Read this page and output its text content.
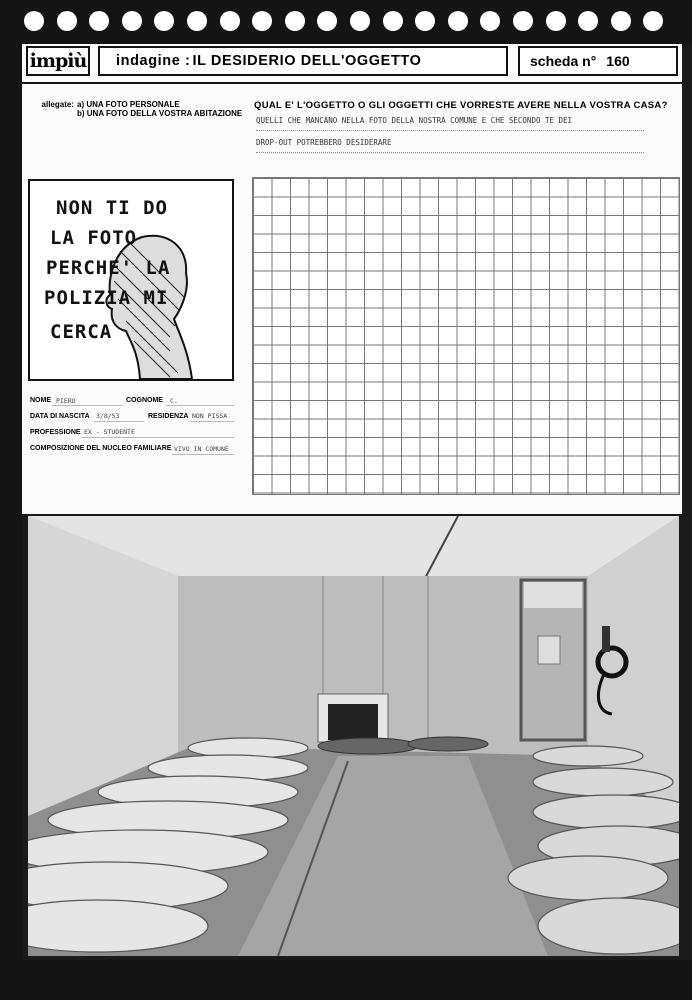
impiù indagine : IL DESIDERIO DELL'OGGETTO	scheda n° 160
allegate: a) UNA FOTO PERSONALE
b) UNA FOTO DELLA VOSTRA ABITAZIONE
QUAL E' L'OGGETTO O GLI OGGETTI CHE VORRESTE AVERE NELLA VOSTRA CASA?
QUELLI CHE MANCANO NELLA FOTO DELLA NOSTRA COMUNE E CHE SECONDO TE DEI
DROP-OUT POTREBBERO DESIDERARE
NON TI DO
LA FOTO
PERCHE' LA
POLIZIA MI
CERCA
NOME PIERO	COGNOME C.
DATA DI NASCITA 3/8/53	RESIDENZA NON PISSA
PROFESSIONE EX - STUDENTE
COMPOSIZIONE DEL NUCLEO FAMILIARE VIVO IN COMUNE
